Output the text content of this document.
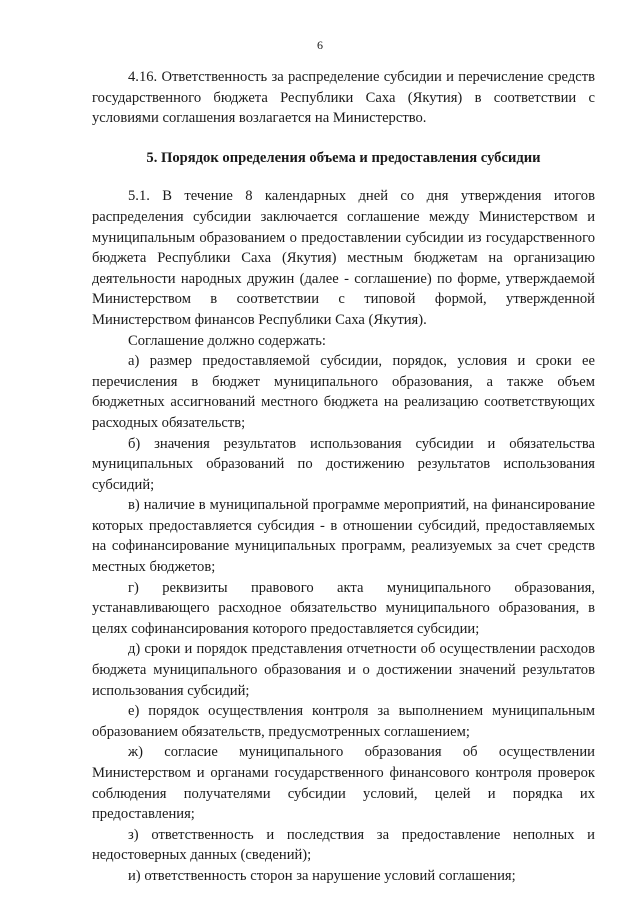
6

4.16. Ответственность за распределение субсидии и перечисление средств государственного бюджета Республики Саха (Якутия) в соответствии с условиями соглашения возлагается на Министерство.

5. Порядок определения объема и предоставления субсидии

5.1. В течение 8 календарных дней со дня утверждения итогов распределения субсидии заключается соглашение между Министерством и муниципальным образованием о предоставлении субсидии из государственного бюджета Республики Саха (Якутия) местным бюджетам на организацию деятельности народных дружин (далее - соглашение) по форме, утверждаемой Министерством в соответствии с типовой формой, утвержденной Министерством финансов Республики Саха (Якутия).

Соглашение должно содержать:

а) размер предоставляемой субсидии, порядок, условия и сроки ее перечисления в бюджет муниципального образования, а также объем бюджетных ассигнований местного бюджета на реализацию соответствующих расходных обязательств;

б) значения результатов использования субсидии и обязательства муниципальных образований по достижению результатов использования субсидий;

в) наличие в муниципальной программе мероприятий, на финансирование которых предоставляется субсидия - в отношении субсидий, предоставляемых на софинансирование муниципальных программ, реализуемых за счет средств местных бюджетов;

г) реквизиты правового акта муниципального образования, устанавливающего расходное обязательство муниципального образования, в целях софинансирования которого предоставляется субсидии;

д) сроки и порядок представления отчетности об осуществлении расходов бюджета муниципального образования и о достижении значений результатов использования субсидий;

е) порядок осуществления контроля за выполнением муниципальным образованием обязательств, предусмотренных соглашением;

ж) согласие муниципального образования об осуществлении Министерством и органами государственного финансового контроля проверок соблюдения получателями субсидии условий, целей и порядка их предоставления;

з) ответственность и последствия за предоставление неполных и недостоверных данных (сведений);

и) ответственность сторон за нарушение условий соглашения;
